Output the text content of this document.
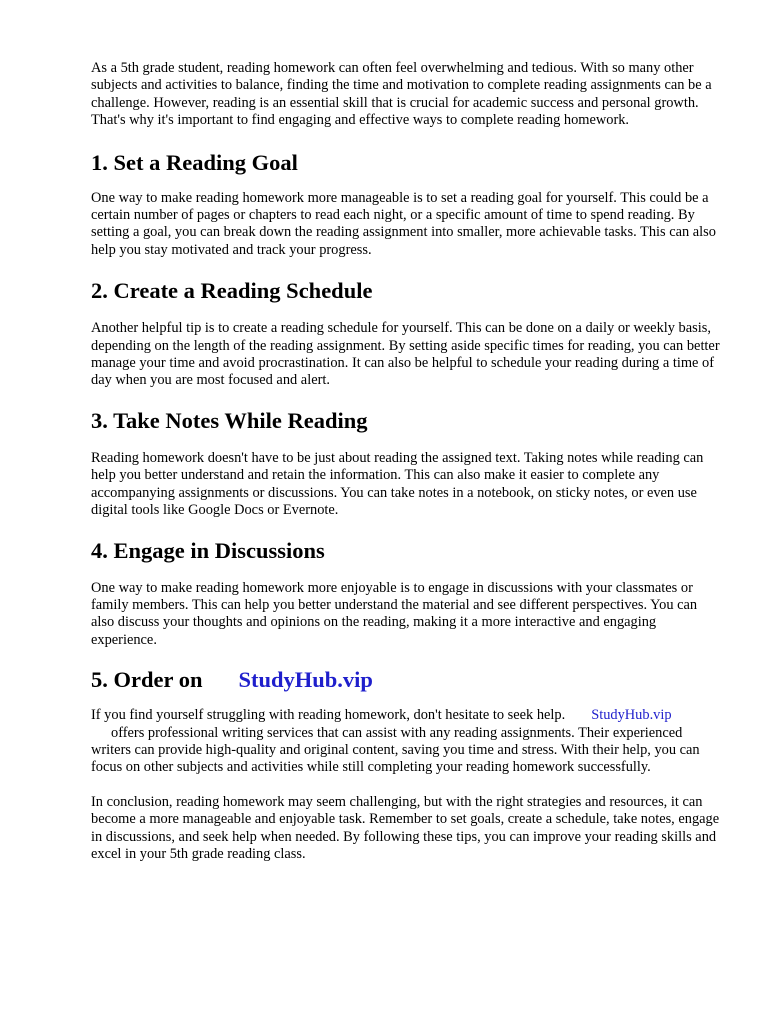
As a 5th grade student, reading homework can often feel overwhelming and tedious. With so many other subjects and activities to balance, finding the time and motivation to complete reading assignments can be a challenge. However, reading is an essential skill that is crucial for academic success and personal growth. That's why it's important to find engaging and effective ways to complete reading homework.

1. Set a Reading Goal

One way to make reading homework more manageable is to set a reading goal for yourself. This could be a certain number of pages or chapters to read each night, or a specific amount of time to spend reading. By setting a goal, you can break down the reading assignment into smaller, more achievable tasks. This can also help you stay motivated and track your progress.

2. Create a Reading Schedule

Another helpful tip is to create a reading schedule for yourself. This can be done on a daily or weekly basis, depending on the length of the reading assignment. By setting aside specific times for reading, you can better manage your time and avoid procrastination. It can also be helpful to schedule your reading during a time of day when you are most focused and alert.

3. Take Notes While Reading

Reading homework doesn't have to be just about reading the assigned text. Taking notes while reading can help you better understand and retain the information. This can also make it easier to complete any accompanying assignments or discussions. You can take notes in a notebook, on sticky notes, or even use digital tools like Google Docs or Evernote.

4. Engage in Discussions

One way to make reading homework more enjoyable is to engage in discussions with your classmates or family members. This can help you better understand the material and see different perspectives. You can also discuss your thoughts and opinions on the reading, making it a more interactive and engaging experience.

5. Order on StudyHub.vip

If you find yourself struggling with reading homework, don't hesitate to seek help. StudyHub.vip
offers professional writing services that can assist with any reading assignments. Their experienced writers can provide high-quality and original content, saving you time and stress. With their help, you can focus on other subjects and activities while still completing your reading homework successfully.

In conclusion, reading homework may seem challenging, but with the right strategies and resources, it can become a more manageable and enjoyable task. Remember to set goals, create a schedule, take notes, engage in discussions, and seek help when needed. By following these tips, you can improve your reading skills and excel in your 5th grade reading class.
